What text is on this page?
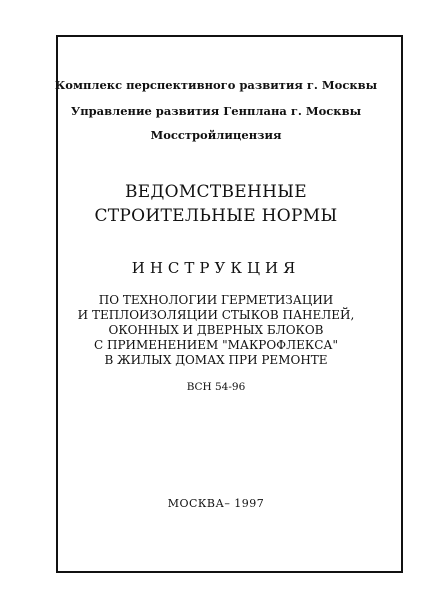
Комплекс перспективного развития г. Москвы

Управление развития Генплана г. Москвы

Мосстройлицензия

ВЕДОМСТВЕННЫЕ

СТРОИТЕЛЬНЫЕ НОРМЫ

ИНСТРУКЦИЯ

ПО ТЕХНОЛОГИИ ГЕРМЕТИЗАЦИИ

И ТЕПЛОИЗОЛЯЦИИ СТЫКОВ ПАНЕЛЕЙ,

ОКОННЫХ И ДВЕРНЫХ БЛОКОВ

С ПРИМЕНЕНИЕМ "МАКРОФЛЕКСА"

В ЖИЛЫХ ДОМАХ ПРИ РЕМОНТЕ

ВСН 54-96

МОСКВА– 1997
